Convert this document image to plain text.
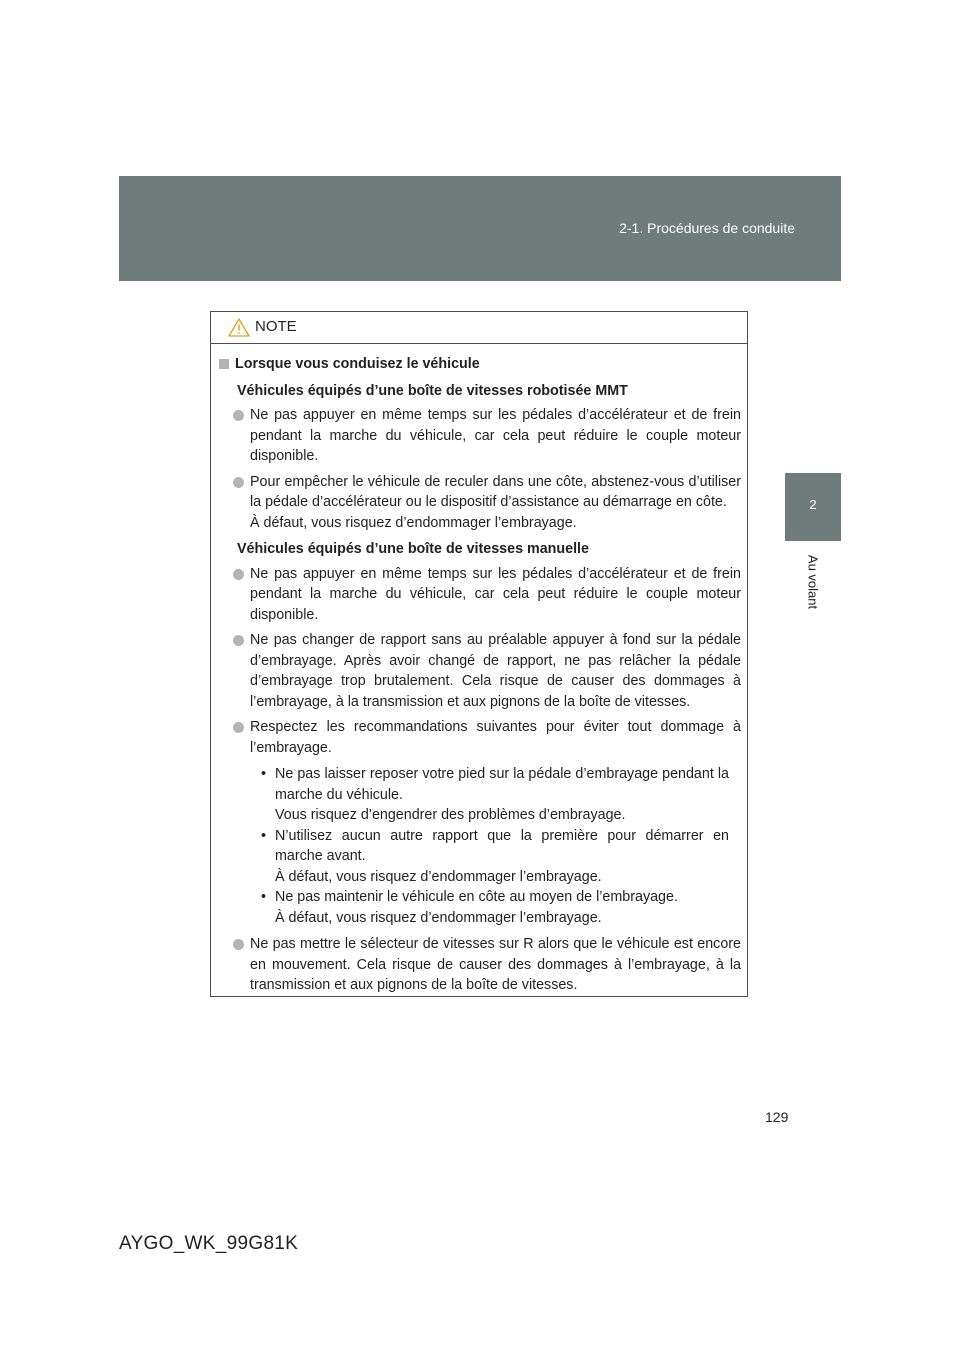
2-1. Procédures de conduite
2
Au volant
NOTE
Lorsque vous conduisez le véhicule
Véhicules équipés d’une boîte de vitesses robotisée MMT
Ne pas appuyer en même temps sur les pédales d’accélérateur et de frein pendant la marche du véhicule, car cela peut réduire le couple moteur disponible.
Pour empêcher le véhicule de reculer dans une côte, abstenez-vous d’utiliser la pédale d’accélérateur ou le dispositif d’assistance au démarrage en côte.
À défaut, vous risquez d’endommager l’embrayage.
Véhicules équipés d’une boîte de vitesses manuelle
Ne pas appuyer en même temps sur les pédales d’accélérateur et de frein pendant la marche du véhicule, car cela peut réduire le couple moteur disponible.
Ne pas changer de rapport sans au préalable appuyer à fond sur la pédale d’embrayage. Après avoir changé de rapport, ne pas relâcher la pédale d’embrayage trop brutalement. Cela risque de causer des dommages à l’embrayage, à la transmission et aux pignons de la boîte de vitesses.
Respectez les recommandations suivantes pour éviter tout dommage à l’embrayage.
• Ne pas laisser reposer votre pied sur la pédale d’embrayage pendant la marche du véhicule.
Vous risquez d’engendrer des problèmes d’embrayage.
• N’utilisez aucun autre rapport que la première pour démarrer en marche avant.
À défaut, vous risquez d’endommager l’embrayage.
• Ne pas maintenir le véhicule en côte au moyen de l’embrayage.
À défaut, vous risquez d’endommager l’embrayage.
Ne pas mettre le sélecteur de vitesses sur R alors que le véhicule est encore en mouvement. Cela risque de causer des dommages à l’embrayage, à la transmission et aux pignons de la boîte de vitesses.
129
AYGO_WK_99G81K
